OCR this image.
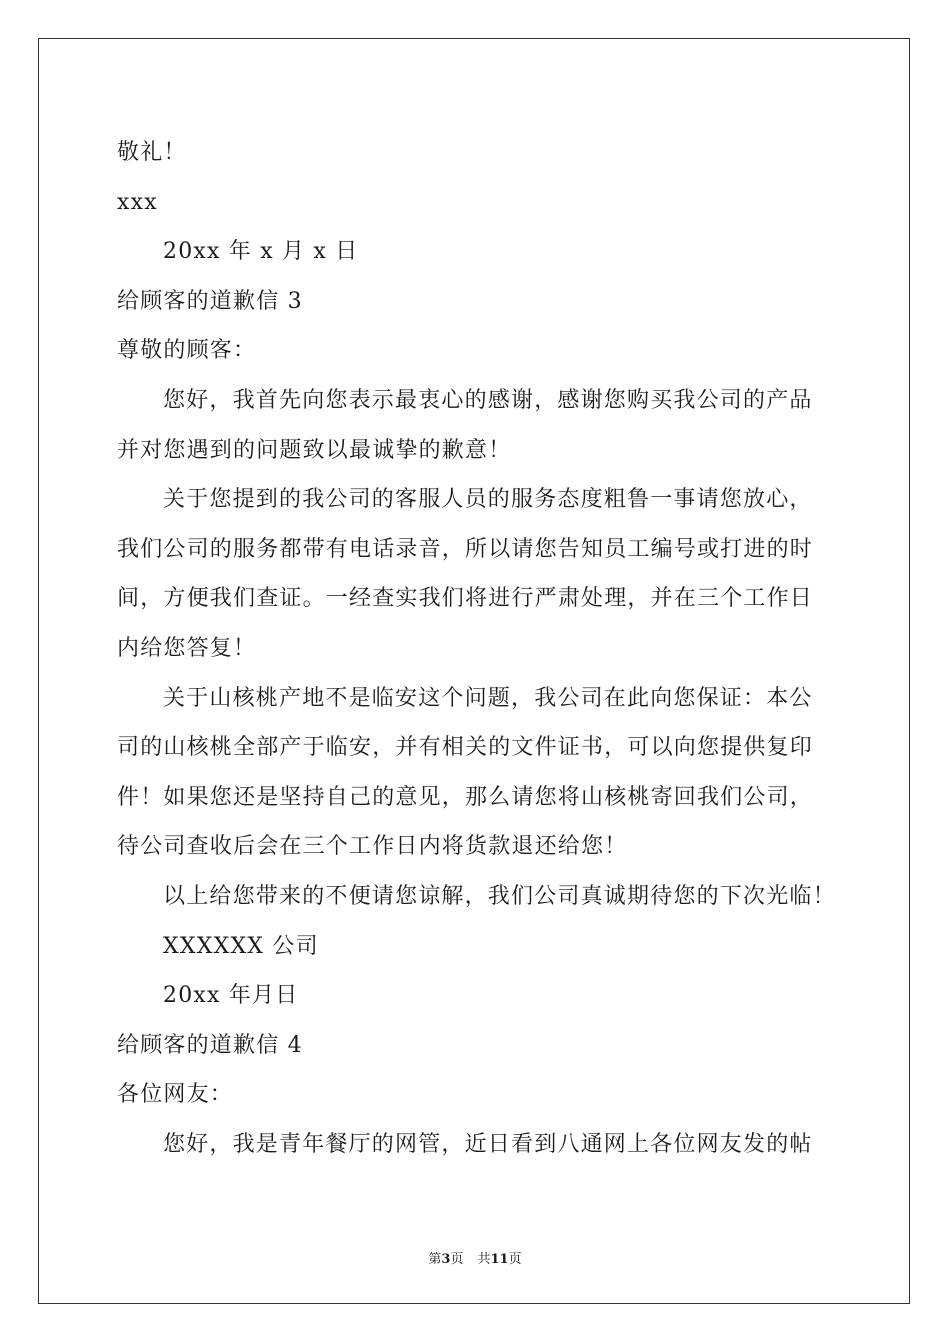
敬礼！
xxx
20xx 年 x 月 x 日
给顾客的道歉信 3
尊敬的顾客：
您好，我首先向您表示最衷心的感谢，感谢您购买我公司的产品
并对您遇到的问题致以最诚挚的歉意！
关于您提到的我公司的客服人员的服务态度粗鲁一事请您放心，
我们公司的服务都带有电话录音，所以请您告知员工编号或打进的时
间，方便我们查证。一经查实我们将进行严肃处理，并在三个工作日
内给您答复！
关于山核桃产地不是临安这个问题，我公司在此向您保证：本公
司的山核桃全部产于临安，并有相关的文件证书，可以向您提供复印
件！如果您还是坚持自己的意见，那么请您将山核桃寄回我们公司，
待公司查收后会在三个工作日内将货款退还给您！
以上给您带来的不便请您谅解，我们公司真诚期待您的下次光临！
XXXXXX 公司
20xx 年月日
给顾客的道歉信 4
各位网友：
您好，我是青年餐厅的网管，近日看到八通网上各位网友发的帖
第3页 共11页
